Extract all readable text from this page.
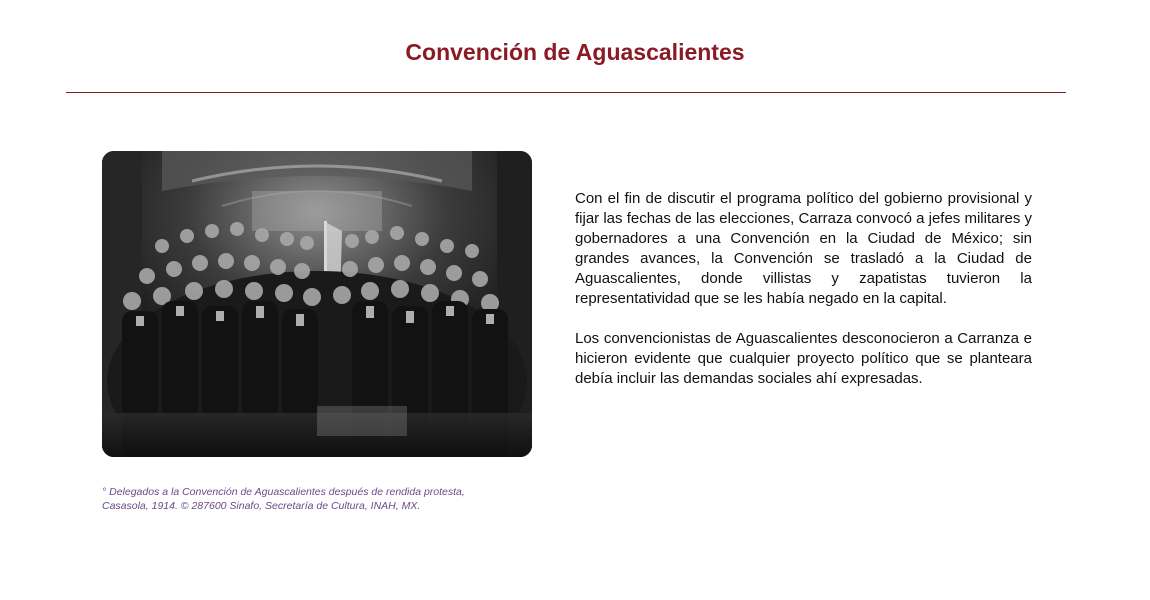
Convención de Aguascalientes

° Delegados a la Convención de Aguascalientes después de rendida protesta,

Casasola, 1914. © 287600 Sinafo, Secretaría de Cultura, INAH, MX.

Con el fin de discutir el programa político del gobierno provisional y fijar las fechas de las elecciones, Carraza convocó a jefes militares y gobernadores a una Convención en la Ciudad de México; sin grandes avances, la Convención se trasladó a la Ciudad de Aguascalientes, donde villistas y zapatistas tuvieron la representatividad que se les había negado en la capital.

Los convencionistas de Aguascalientes desconocieron a Carranza e hicieron evidente que cualquier proyecto político que se planteara debía incluir las demandas sociales ahí expresadas.
